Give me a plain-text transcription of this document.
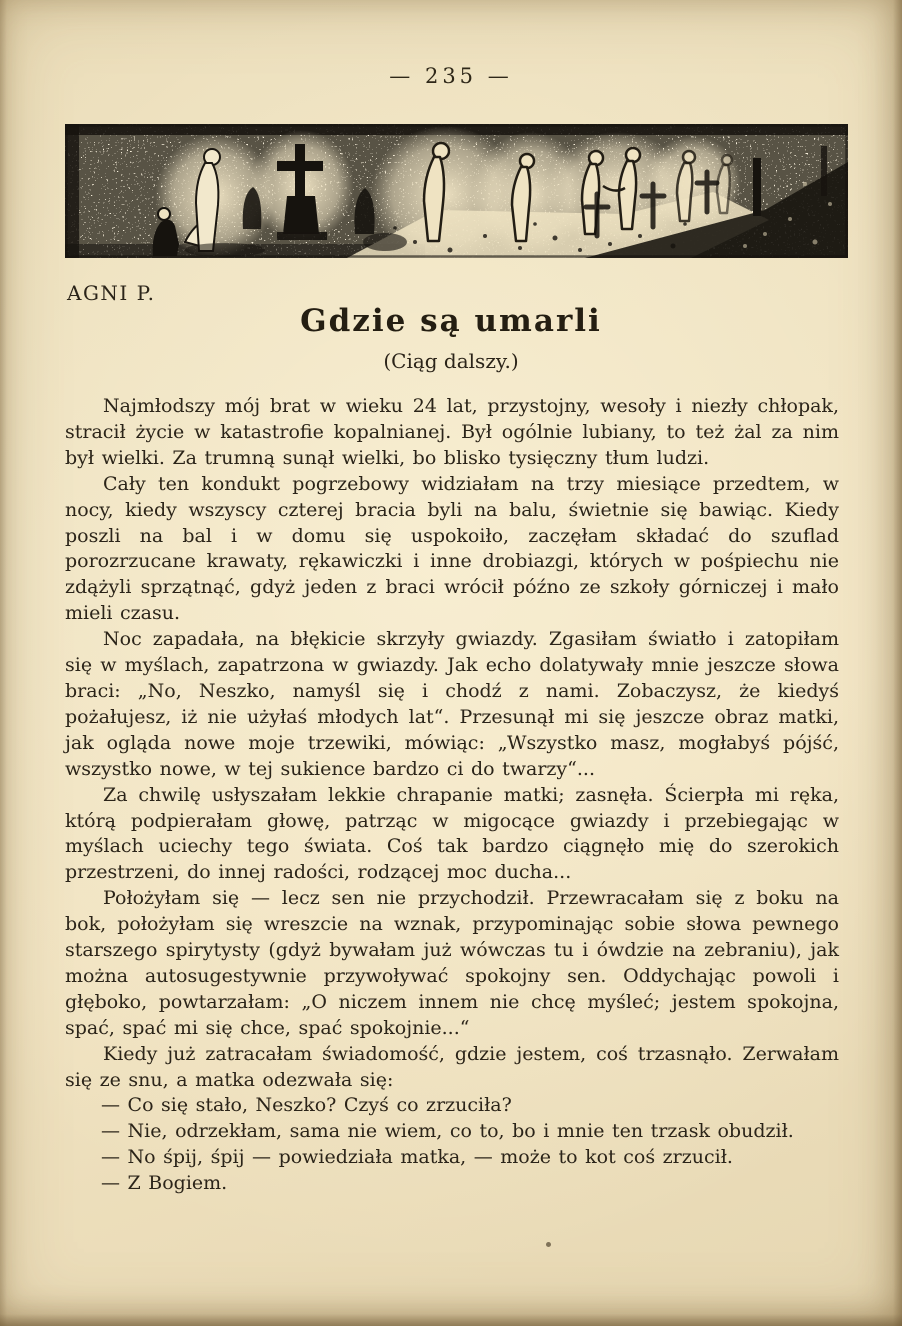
— 235 —
AGNI P.
Gdzie są umarli
(Ciąg dalszy.)

Najmłodszy mój brat w wieku 24 lat, przystojny, wesoły i niezły chłopak, stracił życie w katastrofie kopalnianej. Był ogólnie lubiany, to też żal za nim był wielki. Za trumną sunął wielki, bo blisko tysięczny tłum ludzi.

Cały ten kondukt pogrzebowy widziałam na trzy miesiące przedtem, w nocy, kiedy wszyscy czterej bracia byli na balu, świetnie się bawiąc. Kiedy poszli na bal i w domu się uspokoiło, zaczęłam składać do szuflad porozrzucane krawaty, rękawiczki i inne drobiazgi, których w pośpiechu nie zdążyli sprzątnąć, gdyż jeden z braci wrócił późno ze szkoły górniczej i mało mieli czasu.

Noc zapadała, na błękicie skrzyły gwiazdy. Zgasiłam światło i zatopiłam się w myślach, zapatrzona w gwiazdy. Jak echo dolatywały mnie jeszcze słowa braci: „No, Neszko, namyśl się i chodź z nami. Zobaczysz, że kiedyś pożałujesz, iż nie użyłaś młodych lat“. Przesunął mi się jeszcze obraz matki, jak ogląda nowe moje trzewiki, mówiąc: „Wszystko masz, mogłabyś pójść, wszystko nowe, w tej sukience bardzo ci do twarzy“...

Za chwilę usłyszałam lekkie chrapanie matki; zasnęła. Ścierpła mi ręka, którą podpierałam głowę, patrząc w migocące gwiazdy i przebiegając w myślach uciechy tego świata. Coś tak bardzo ciągnęło mię do szerokich przestrzeni, do innej radości, rodzącej moc ducha...

Położyłam się — lecz sen nie przychodził. Przewracałam się z boku na bok, położyłam się wreszcie na wznak, przypominając sobie słowa pewnego starszego spirytysty (gdyż bywałam już wówczas tu i ówdzie na zebraniu), jak można autosugestywnie przywoływać spokojny sen. Oddychając powoli i głęboko, powtarzałam: „O niczem innem nie chcę myśleć; jestem spokojna, spać, spać mi się chce, spać spokojnie...“

Kiedy już zatracałam świadomość, gdzie jestem, coś trzasnąło. Zerwałam się ze snu, a matka odezwała się:

— Co się stało, Neszko? Czyś co zrzuciła?

— Nie, odrzekłam, sama nie wiem, co to, bo i mnie ten trzask obudził.

— No śpij, śpij — powiedziała matka, — może to kot coś zrzucił.

— Z Bogiem.
